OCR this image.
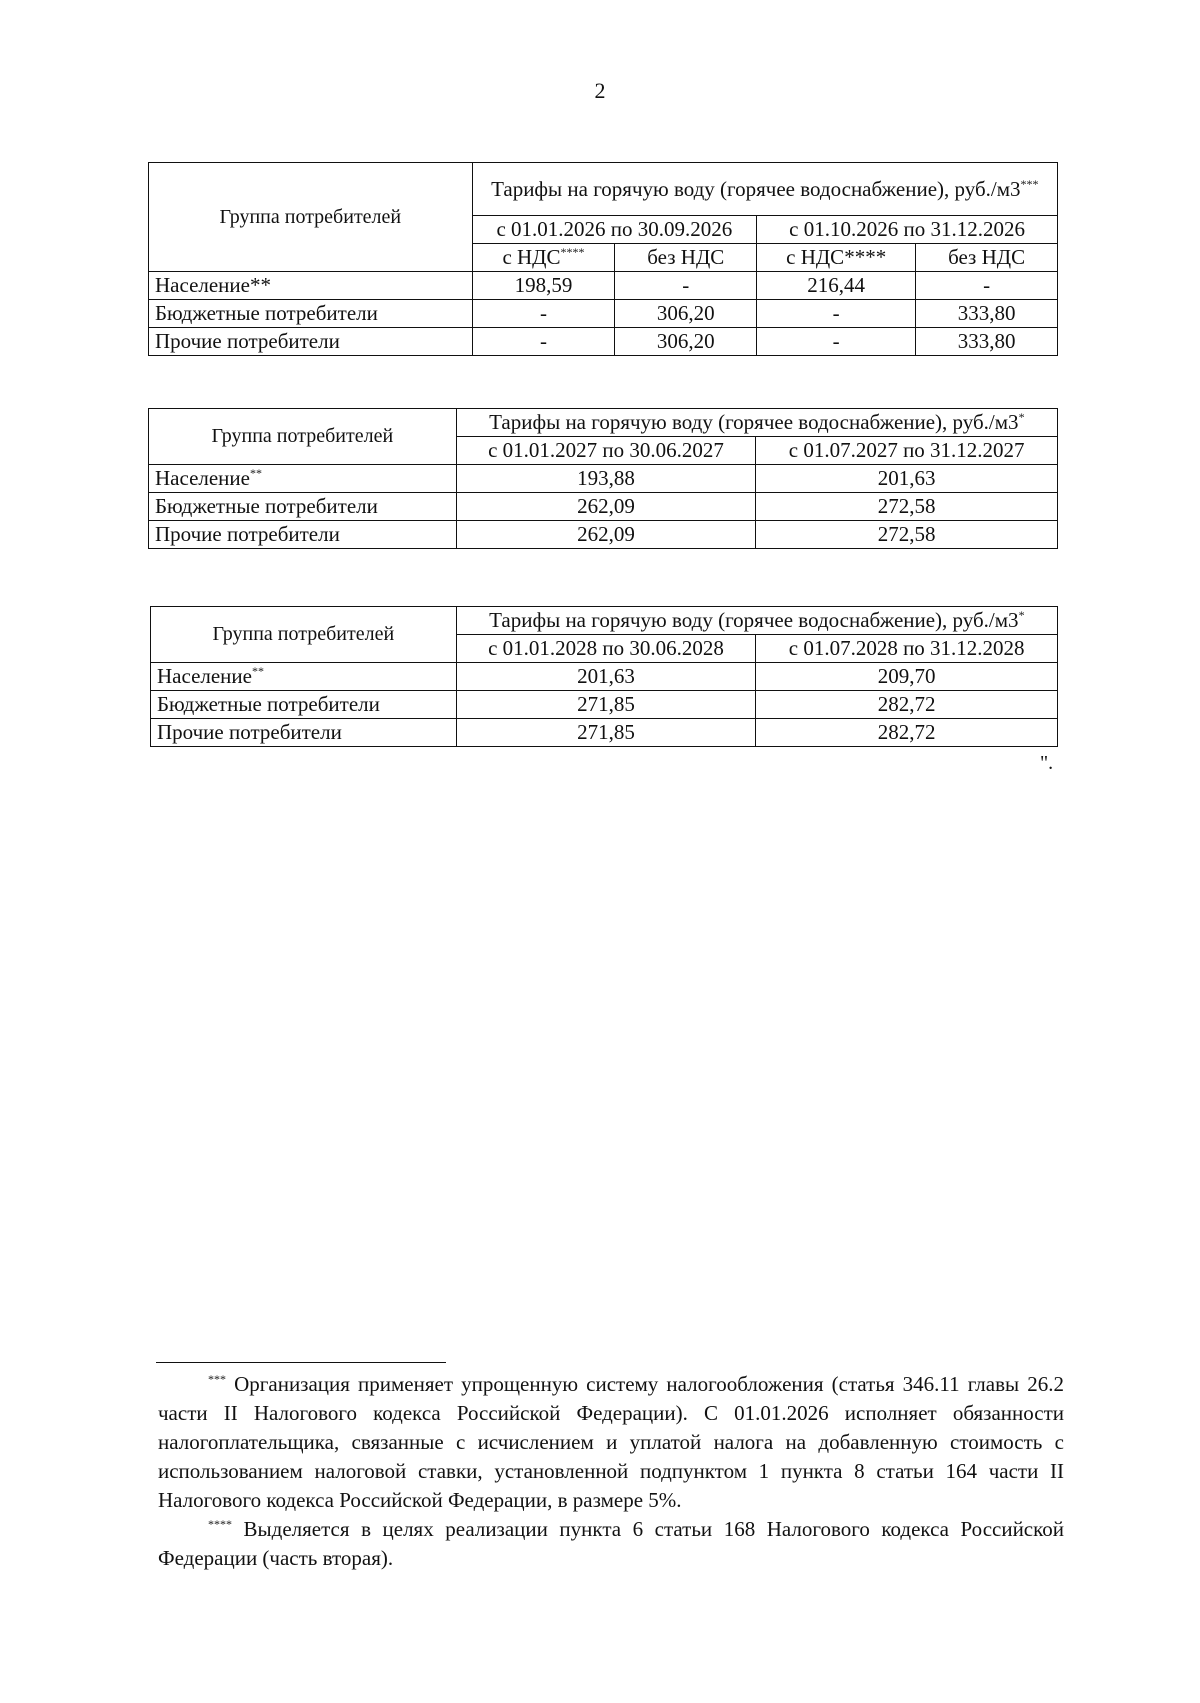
2
Группа потребителей	Тарифы на горячую воду (горячее водоснабжение), руб./м3***
	с 01.01.2026 по 30.09.2026		с 01.10.2026 по 31.12.2026	
	с НДС****	без НДС	с НДС****	без НДС
Население**	198,59	-	216,44	-
Бюджетные потребители	-	306,20	-	333,80
Прочие потребители	-	306,20	-	333,80
Группа потребителей	Тарифы на горячую воду (горячее водоснабжение), руб./м3*
	с 01.01.2027 по 30.06.2027	с 01.07.2027 по 31.12.2027
Население**	193,88	201,63
Бюджетные потребители	262,09	272,58
Прочие потребители	262,09	272,58
Группа потребителей	Тарифы на горячую воду (горячее водоснабжение), руб./м3*
	с 01.01.2028 по 30.06.2028	с 01.07.2028 по 31.12.2028
Население**	201,63	209,70
Бюджетные потребители	271,85	282,72
Прочие потребители	271,85	282,72
".

*** Организация применяет упрощенную систему налогообложения (статья 346.11 главы 26.2 части II Налогового кодекса Российской Федерации). С 01.01.2026 исполняет обязанности налогоплательщика, связанные с исчислением и уплатой налога на добавленную стоимость с использованием налоговой ставки, установленной подпунктом 1 пункта 8 статьи 164 части II Налогового кодекса Российской Федерации, в размере 5%.

**** Выделяется в целях реализации пункта 6 статьи 168 Налогового кодекса Российской Федерации (часть вторая).
